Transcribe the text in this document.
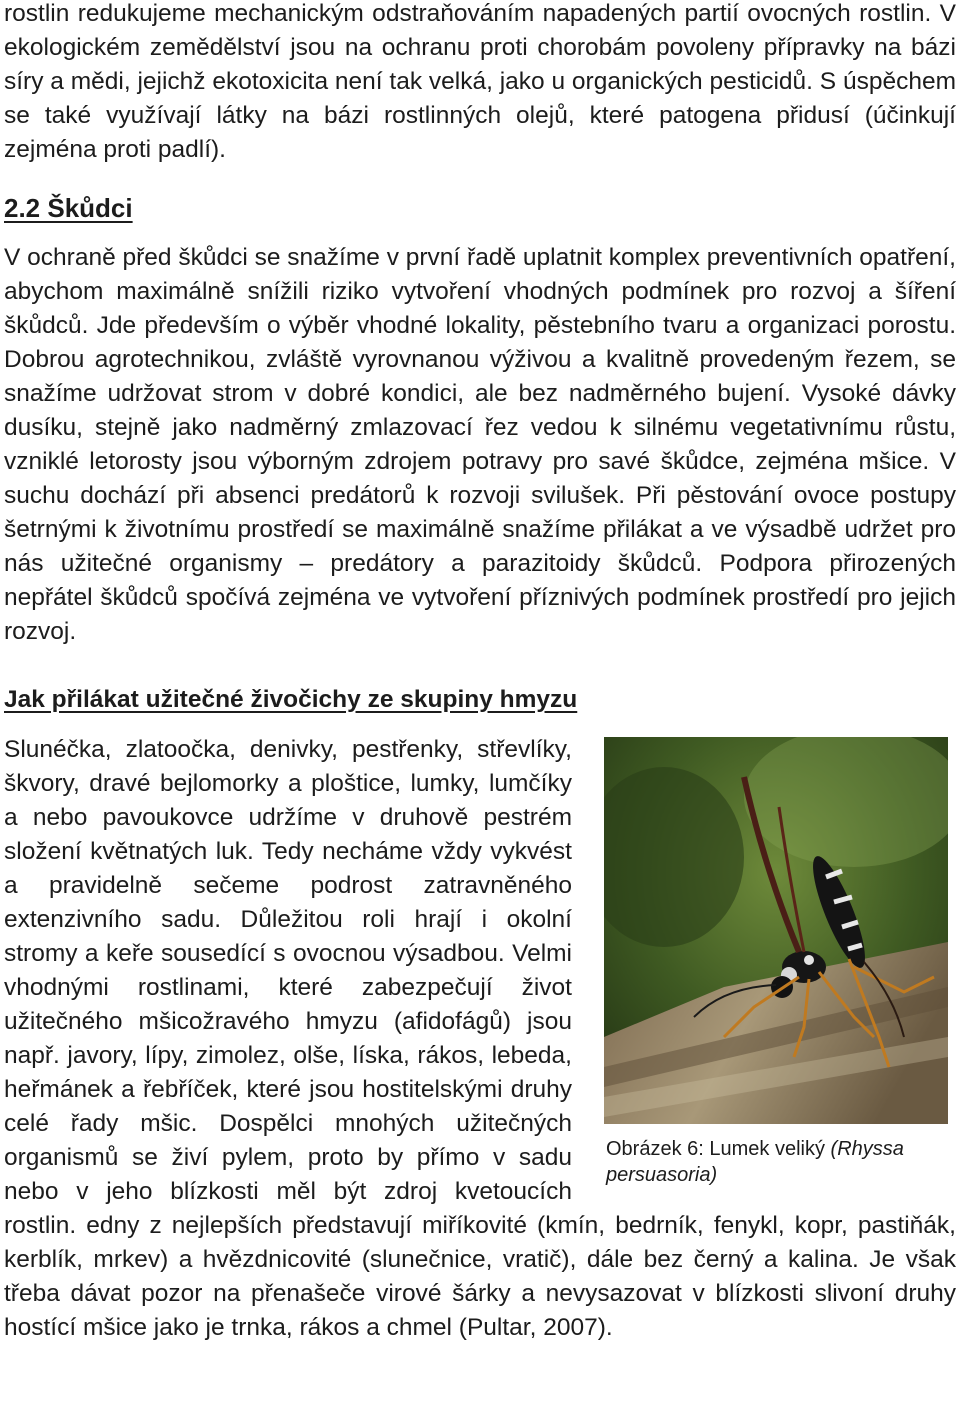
rostlin redukujeme mechanickým odstraňováním napadených partií ovocných rostlin. V ekologickém zemědělství jsou na ochranu proti chorobám povoleny přípravky na bázi síry a mědi, jejichž ekotoxicita není tak velká, jako u organických pesticidů. S úspěchem se také využívají látky na bázi rostlinných olejů, které patogena přidusí (účinkují zejména proti padlí).

2.2 Škůdci

V ochraně před škůdci se snažíme v první řadě uplatnit komplex preventivních opatření, abychom maximálně snížili riziko vytvoření vhodných podmínek pro rozvoj a šíření škůdců. Jde především o výběr vhodné lokality, pěstebního tvaru a organizaci porostu. Dobrou agrotechnikou, zvláště vyrovnanou výživou a kvalitně provedeným řezem, se snažíme udržovat strom v dobré kondici, ale bez nadměrného bujení. Vysoké dávky dusíku, stejně jako nadměrný zmlazovací řez vedou k silnému vegetativnímu růstu, vzniklé letorosty jsou výborným zdrojem potravy pro savé škůdce, zejména mšice. V suchu dochází při absenci predátorů k rozvoji svilušek. Při pěstování ovoce postupy šetrnými k životnímu prostředí se maximálně snažíme přilákat a ve výsadbě udržet pro nás užitečné organismy – predátory a parazitoidy škůdců. Podpora přirozených nepřátel škůdců spočívá zejména ve vytvoření příznivých podmínek prostředí pro jejich rozvoj.

Jak přilákat užitečné živočichy ze skupiny hmyzu
Obrázek 6: Lumek veliký (Rhyssa persuasoria)

Slunéčka, zlatoočka, denivky, pestřenky, střevlíky, škvory, dravé bejlomorky a ploštice, lumky, lumčíky a nebo pavoukovce udržíme v druhově pestrém složení květnatých luk. Tedy necháme vždy vykvést a pravidelně sečeme podrost zatravněného extenzivního sadu. Důležitou roli hrají i okolní stromy a keře sousedící s ovocnou výsadbou. Velmi vhodnými rostlinami, které zabezpečují život užitečného mšicožravého hmyzu (afidofágů) jsou např. javory, lípy, zimolez, olše, líska, rákos, lebeda, heřmánek a řebříček, které jsou hostitelskými druhy celé řady mšic. Dospělci mnohých užitečných organismů se živí pylem, proto by přímo v sadu nebo v jeho blízkosti měl být zdroj kvetoucích rostlin. edny z nejlepších představují miříkovité (kmín, bedrník, fenykl, kopr, pastiňák, kerblík, mrkev) a hvězdnicovité (slunečnice, vratič), dále bez černý a kalina. Je však třeba dávat pozor na přenašeče virové šárky a nevysazovat v blízkosti slivoní druhy hostící mšice jako je trnka, rákos a chmel (Pultar, 2007).
